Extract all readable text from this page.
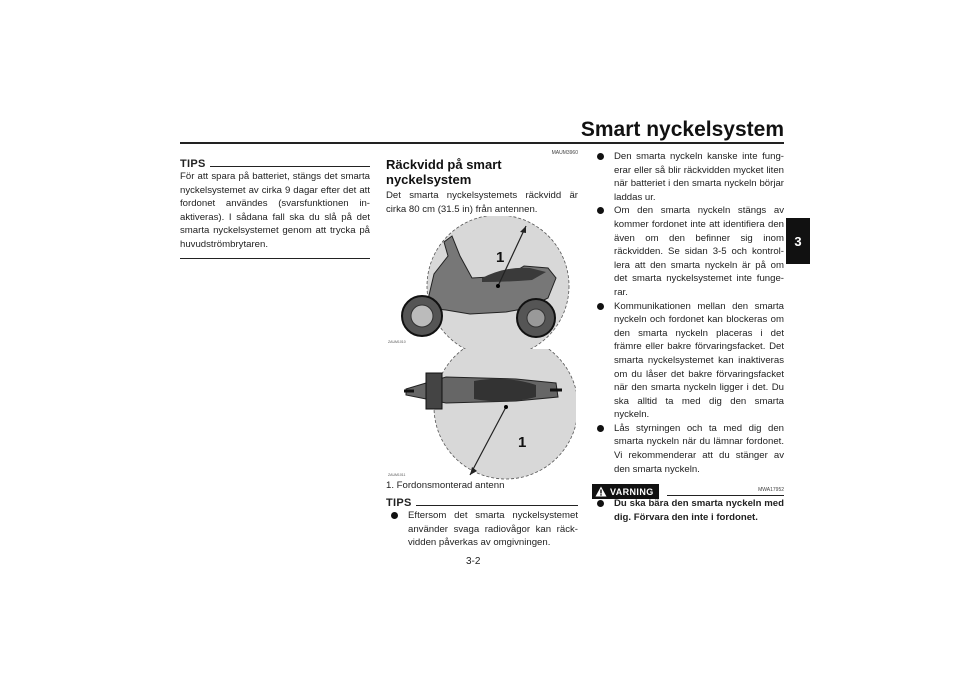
Smart nyckelsystem
3
TIPS

För att spara på batteriet, stängs det smarta nyckelsystemet av cirka 9 dagar efter det att fordonet användes (svarsfunktionen inaktiveras). I sådana fall ska du slå på det smarta nyckelsystemet genom att trycka på huvudströmbrytaren.

MAUM3960
Räckvidd på smart nyckelsystem

Det smarta nyckelsystemets räckvidd är cirka 80 cm (31.5 in) från antennen.

1
ZAUM1010
1
ZAUM1011
1. Fordonsmonterad antenn
TIPS
Eftersom det smarta nyckelsystemet använder svaga radiovågor kan räckvidden påverkas av omgivningen.
Den smarta nyckeln kanske inte fungerar eller så blir räckvidden mycket liten när batteriet i den smarta nyckeln börjar laddas ur.
Om den smarta nyckeln stängs av kommer fordonet inte att identifiera den även om den befinner sig inom räckvidden. Se sidan 3-5 och kontrollera att den smarta nyckeln är på om det smarta nyckelsystemet inte fungerar.
Kommunikationen mellan den smarta nyckeln och fordonet kan blockeras om den smarta nyckeln placeras i det främre eller bakre förvaringsfacket. Det smarta nyckelsystemet kan inaktiveras om du låser det bakre förvaringsfacket när den smarta nyckeln ligger i det. Du ska alltid ta med dig den smarta nyckeln.
Lås styrningen och ta med dig den smarta nyckeln när du lämnar fordonet. Vi rekommenderar att du stänger av den smarta nyckeln.
VARNING	MWA17952
Du ska bära den smarta nyckeln med dig. Förvara den inte i fordonet.
3-2
